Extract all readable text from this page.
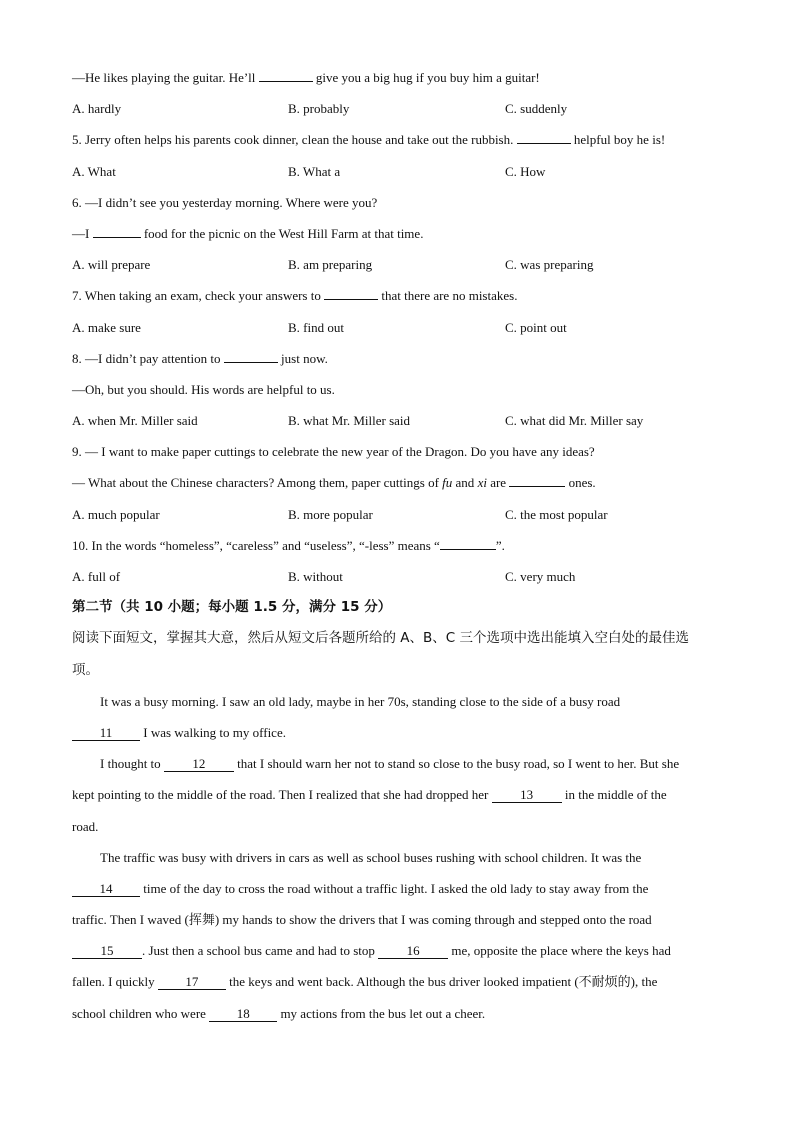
—He likes playing the guitar. He’ll	give you a big hug if you buy him a guitar!
A. hardly	B. probably	C. suddenly
5. Jerry often helps his parents cook dinner, clean the house and take out the rubbish.	helpful boy he is!
A. What	B. What a	C. How
6. —I didn’t see you yesterday morning. Where were you?
—I	food for the picnic on the West Hill Farm at that time.
A. will prepare	B. am preparing	C. was preparing
7. When taking an exam, check your answers to	that there are no mistakes.
A. make sure	B. find out	C. point out
8. —I didn’t pay attention to	just now.
—Oh, but you should. His words are helpful to us.
A. when Mr. Miller said	B. what Mr. Miller said	C. what did Mr. Miller say
9. — I want to make paper cuttings to celebrate the new year of the Dragon. Do you have any ideas?
— What about the Chinese characters? Among them, paper cuttings of fu and xi are	ones.
A. much popular	B. more popular	C. the most popular
10. In the words “homeless”, “careless” and “useless”, “-less” means “	”.
A. full of	B. without	C. very much
第二节（共 10 小题；每小题 1.5 分，满分 15 分）
阅读下面短文，掌握其大意，然后从短文后各题所给的 A、B、C 三个选项中选出能填入空白处的最佳选
项。
It was a busy morning. I saw an old lady, maybe in her 70s, standing close to the side of a busy road
11 I was walking to my office.
I thought to 12 that I should warn her not to stand so close to the busy road, so I went to her. But she
kept pointing to the middle of the road. Then I realized that she had dropped her 13 in the middle of the
road.
The traffic was busy with drivers in cars as well as school buses rushing with school children. It was the
14 time of the day to cross the road without a traffic light. I asked the old lady to stay away from the
traffic. Then I waved (挥舞) my hands to show the drivers that I was coming through and stepped onto the road
15 . Just then a school bus came and had to stop 16 me, opposite the place where the keys had
fallen. I quickly 17 the keys and went back. Although the bus driver looked impatient (不耐烦的), the
school children who were 18 my actions from the bus let out a cheer.
